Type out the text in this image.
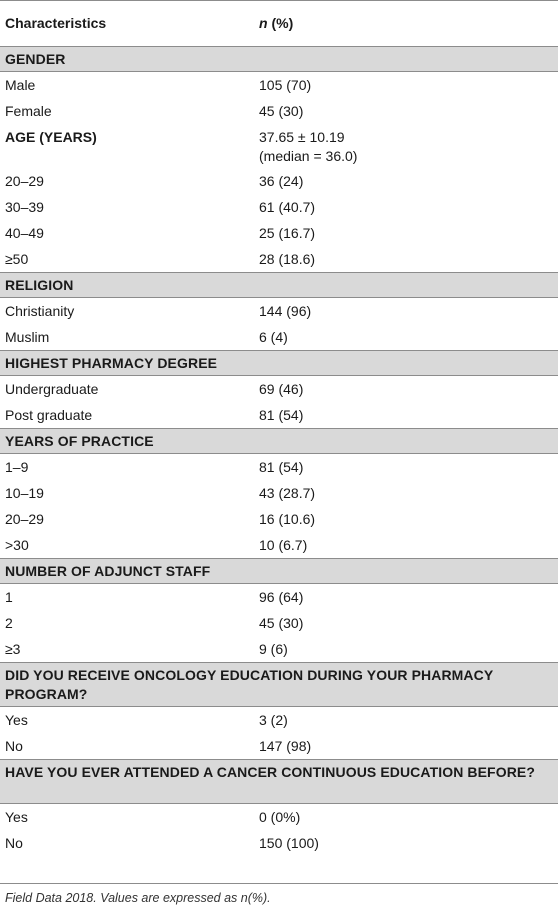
Characteristics	n (%)
GENDER
Male	105 (70)
Female	45 (30)
AGE (YEARS)	37.65 ± 10.19
(median = 36.0)
20–29	36 (24)
30–39	61 (40.7)
40–49	25 (16.7)
≥50	28 (18.6)
RELIGION
Christianity	144 (96)
Muslim	6 (4)
HIGHEST PHARMACY DEGREE
Undergraduate	69 (46)
Post graduate	81 (54)
YEARS OF PRACTICE
1–9	81 (54)
10–19	43 (28.7)
20–29	16 (10.6)
>30	10 (6.7)
NUMBER OF ADJUNCT STAFF
1	96 (64)
2	45 (30)
≥3	9 (6)
DID YOU RECEIVE ONCOLOGY EDUCATION DURING YOUR PHARMACY PROGRAM?
Yes	3 (2)
No	147 (98)
HAVE YOU EVER ATTENDED A CANCER CONTINUOUS EDUCATION BEFORE?
Yes	0 (0%)
No	150 (100)
Field Data 2018. Values are expressed as n(%).
